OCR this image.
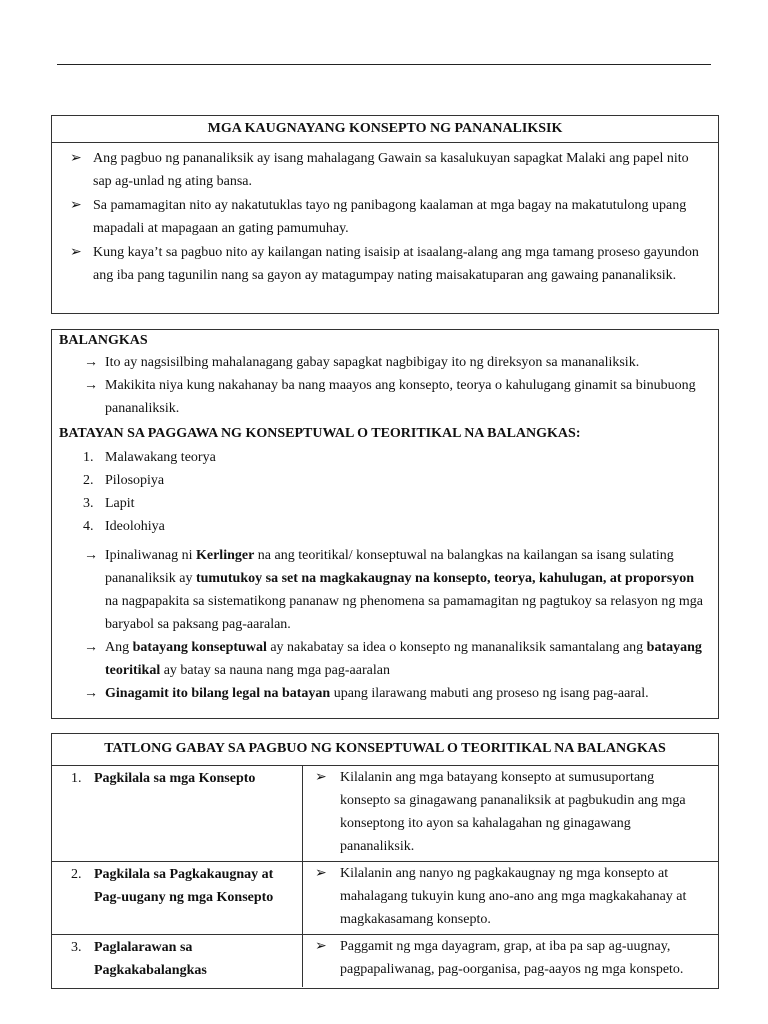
MGA KAUGNAYANG KONSEPTO NG PANANALIKSIK
➢ Ang pagbuo ng pananaliksik ay isang mahalagang Gawain sa kasalukuyan sapagkat Malaki ang papel nito sap ag-unlad ng ating bansa.
➢ Sa pamamagitan nito ay nakatutuklas tayo ng panibagong kaalaman at mga bagay na makatutulong upang mapadali at mapagaan an gating pamumuhay.
➢ Kung kaya’t sa pagbuo nito ay kailangan nating isaisip at isaalang-alang ang mga tamang proseso gayundon ang iba pang tagunilin nang sa gayon ay matagumpay nating maisakatuparan ang gawaing pananaliksik.
BALANGKAS
→ Ito ay nagsisilbing mahalanagang gabay sapagkat nagbibigay ito ng direksyon sa mananaliksik.
→ Makikita niya kung nakahanay ba nang maayos ang konsepto, teorya o kahulugang ginamit sa binubuong pananaliksik.
BATAYAN SA PAGGAWA NG KONSEPTUWAL O TEORITIKAL NA BALANGKAS:
1. Malawakang teorya
2. Pilosopiya
3. Lapit
4. Ideolohiya
→ Ipinaliwanag ni Kerlinger na ang teoritikal/ konseptuwal na balangkas na kailangan sa isang sulating pananaliksik ay tumutukoy sa set na magkakaugnay na konsepto, teorya, kahulugan, at proporsyon na nagpapakita sa sistematikong pananaw ng phenomena sa pamamagitan ng pagtukoy sa relasyon ng mga baryabol sa paksang pag-aaralan.
→ Ang batayang konseptuwal ay nakabatay sa idea o konsepto ng mananaliksik samantalang ang batayang teoritikal ay batay sa nauna nang mga pag-aaralan
→ Ginagamit ito bilang legal na batayan upang ilarawang mabuti ang proseso ng isang pag-aaral.
TATLONG GABAY SA PAGBUO NG KONSEPTUWAL O TEORITIKAL NA BALANGKAS	

1. Pagkilala sa mga Konsepto	➢ Kilalanin ang mga batayang konsepto at sumusuportang konsepto sa ginagawang pananaliksik at pagbukudin ang mga konseptong ito ayon sa kahalagahan ng ginagawang pananaliksik.

2. Pagkilala sa Pagkakaugnay at Pag-uugany ng mga Konsepto	➢ Kilalanin ang nanyo ng pagkakaugnay ng mga konsepto at mahalagang tukuyin kung ano-ano ang mga magkakahanay at magkakasamang konsepto.

3. Paglalarawan sa Pagkakabalangkas	➢ Paggamit ng mga dayagram, grap, at iba pa sap ag-uugnay, pagpapaliwanag, pag-oorganisa, pag-aayos ng mga konspeto.
